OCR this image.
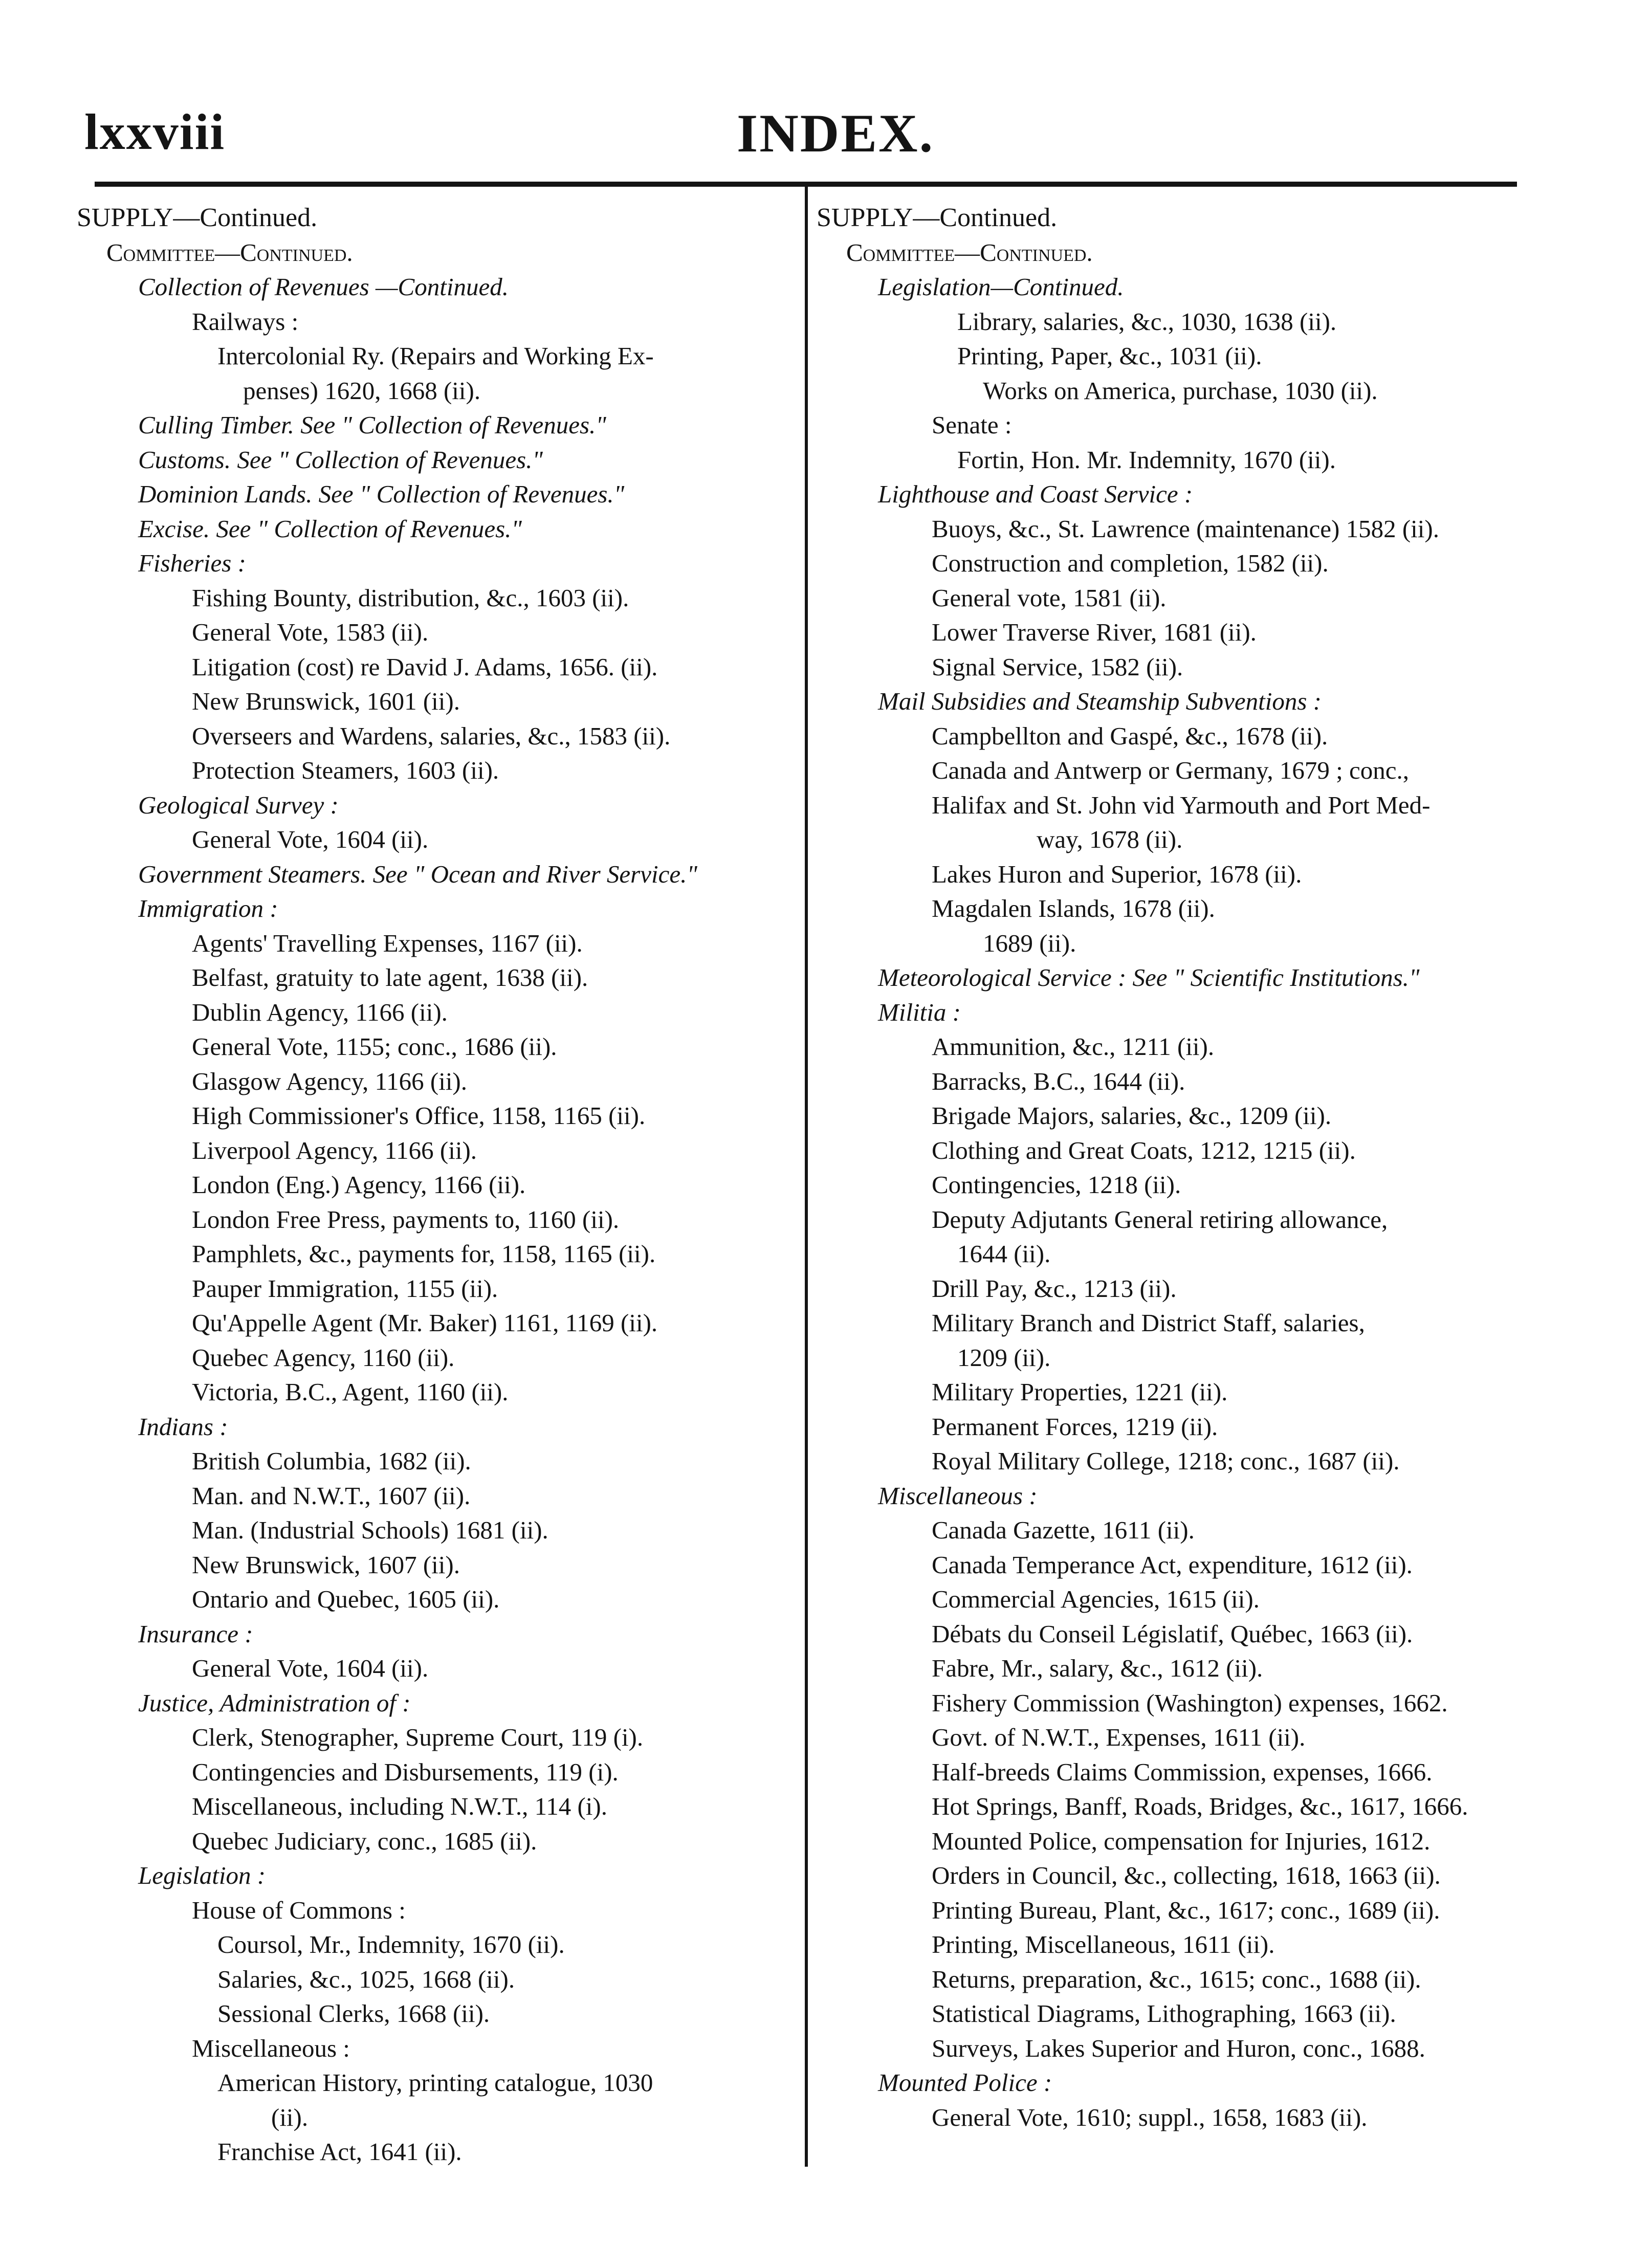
lxxviii	INDEX.
SUPPLY—Continued.
Committee—Continued.
Collection of Revenues —Continued.
Railways :
Intercolonial Ry. (Repairs and Working Ex-
penses) 1620, 1668 (ii).
Culling Timber. See " Collection of Revenues."
Customs. See " Collection of Revenues."
Dominion Lands. See " Collection of Revenues."
Excise. See " Collection of Revenues."
Fisheries :
Fishing Bounty, distribution, &c., 1603 (ii).
General Vote, 1583 (ii).
Litigation (cost) re David J. Adams, 1656. (ii).
New Brunswick, 1601 (ii).
Overseers and Wardens, salaries, &c., 1583 (ii).
Protection Steamers, 1603 (ii).
Geological Survey :
General Vote, 1604 (ii).
Government Steamers. See " Ocean and River Service."
Immigration :
Agents' Travelling Expenses, 1167 (ii).
Belfast, gratuity to late agent, 1638 (ii).
Dublin Agency, 1166 (ii).
General Vote, 1155; conc., 1686 (ii).
Glasgow Agency, 1166 (ii).
High Commissioner's Office, 1158, 1165 (ii).
Liverpool Agency, 1166 (ii).
London (Eng.) Agency, 1166 (ii).
London Free Press, payments to, 1160 (ii).
Pamphlets, &c., payments for, 1158, 1165 (ii).
Pauper Immigration, 1155 (ii).
Qu'Appelle Agent (Mr. Baker) 1161, 1169 (ii).
Quebec Agency, 1160 (ii).
Victoria, B.C., Agent, 1160 (ii).
Indians :
British Columbia, 1682 (ii).
Man. and N.W.T., 1607 (ii).
Man. (Industrial Schools) 1681 (ii).
New Brunswick, 1607 (ii).
Ontario and Quebec, 1605 (ii).
Insurance :
General Vote, 1604 (ii).
Justice, Administration of :
Clerk, Stenographer, Supreme Court, 119 (i).
Contingencies and Disbursements, 119 (i).
Miscellaneous, including N.W.T., 114 (i).
Quebec Judiciary, conc., 1685 (ii).
Legislation :
House of Commons :
Coursol, Mr., Indemnity, 1670 (ii).
Salaries, &c., 1025, 1668 (ii).
Sessional Clerks, 1668 (ii).
Miscellaneous :
American History, printing catalogue, 1030
(ii).
Franchise Act, 1641 (ii).
SUPPLY—Continued.
Committee—Continued.
Legislation—Continued.
Library, salaries, &c., 1030, 1638 (ii).
Printing, Paper, &c., 1031 (ii).
Works on America, purchase, 1030 (ii).
Senate :
Fortin, Hon. Mr. Indemnity, 1670 (ii).
Lighthouse and Coast Service :
Buoys, &c., St. Lawrence (maintenance) 1582 (ii).
Construction and completion, 1582 (ii).
General vote, 1581 (ii).
Lower Traverse River, 1681 (ii).
Signal Service, 1582 (ii).
Mail Subsidies and Steamship Subventions :
Campbellton and Gaspé, &c., 1678 (ii).
Canada and Antwerp or Germany, 1679 ; conc.,
Halifax and St. John vid Yarmouth and Port Med-
way, 1678 (ii).
Lakes Huron and Superior, 1678 (ii).
Magdalen Islands, 1678 (ii).
1689 (ii).
Meteorological Service : See " Scientific Institutions."
Militia :
Ammunition, &c., 1211 (ii).
Barracks, B.C., 1644 (ii).
Brigade Majors, salaries, &c., 1209 (ii).
Clothing and Great Coats, 1212, 1215 (ii).
Contingencies, 1218 (ii).
Deputy Adjutants General retiring allowance,
1644 (ii).
Drill Pay, &c., 1213 (ii).
Military Branch and District Staff, salaries,
1209 (ii).
Military Properties, 1221 (ii).
Permanent Forces, 1219 (ii).
Royal Military College, 1218; conc., 1687 (ii).
Miscellaneous :
Canada Gazette, 1611 (ii).
Canada Temperance Act, expenditure, 1612 (ii).
Commercial Agencies, 1615 (ii).
Débats du Conseil Législatif, Québec, 1663 (ii).
Fabre, Mr., salary, &c., 1612 (ii).
Fishery Commission (Washington) expenses, 1662.
Govt. of N.W.T., Expenses, 1611 (ii).
Half-breeds Claims Commission, expenses, 1666.
Hot Springs, Banff, Roads, Bridges, &c., 1617, 1666.
Mounted Police, compensation for Injuries, 1612.
Orders in Council, &c., collecting, 1618, 1663 (ii).
Printing Bureau, Plant, &c., 1617; conc., 1689 (ii).
Printing, Miscellaneous, 1611 (ii).
Returns, preparation, &c., 1615; conc., 1688 (ii).
Statistical Diagrams, Lithographing, 1663 (ii).
Surveys, Lakes Superior and Huron, conc., 1688.
Mounted Police :
General Vote, 1610; suppl., 1658, 1683 (ii).
